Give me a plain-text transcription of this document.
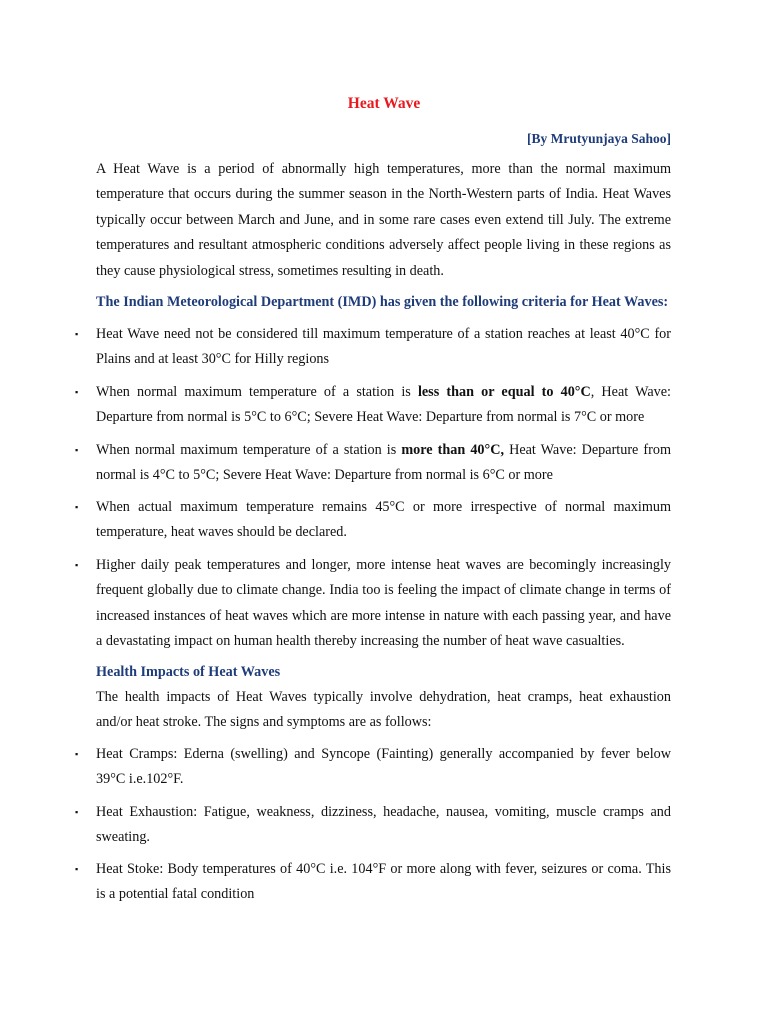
Heat Wave
[By Mrutyunjaya Sahoo]

A Heat Wave is a period of abnormally high temperatures, more than the normal maximum temperature that occurs during the summer season in the North-Western parts of India. Heat Waves typically occur between March and June, and in some rare cases even extend till July. The extreme temperatures and resultant atmospheric conditions adversely affect people living in these regions as they cause physiological stress, sometimes resulting in death.

The Indian Meteorological Department (IMD) has given the following criteria for Heat Waves:

▪ Heat Wave need not be considered till maximum temperature of a station reaches at least 40°C for Plains and at least 30°C for Hilly regions

▪ When normal maximum temperature of a station is less than or equal to 40°C, Heat Wave: Departure from normal is 5°C to 6°C; Severe Heat Wave: Departure from normal is 7°C or more

▪ When normal maximum temperature of a station is more than 40°C, Heat Wave: Departure from normal is 4°C to 5°C; Severe Heat Wave: Departure from normal is 6°C or more

▪ When actual maximum temperature remains 45°C or more irrespective of normal maximum temperature, heat waves should be declared.

▪ Higher daily peak temperatures and longer, more intense heat waves are becomingly increasingly frequent globally due to climate change. India too is feeling the impact of climate change in terms of increased instances of heat waves which are more intense in nature with each passing year, and have a devastating impact on human health thereby increasing the number of heat wave casualties.

Health Impacts of Heat Waves

The health impacts of Heat Waves typically involve dehydration, heat cramps, heat exhaustion and/or heat stroke. The signs and symptoms are as follows:

▪ Heat Cramps: Ederna (swelling) and Syncope (Fainting) generally accompanied by fever below 39°C i.e.102°F.

▪ Heat Exhaustion: Fatigue, weakness, dizziness, headache, nausea, vomiting, muscle cramps and sweating.

▪ Heat Stoke: Body temperatures of 40°C i.e. 104°F or more along with fever, seizures or coma. This is a potential fatal condition
